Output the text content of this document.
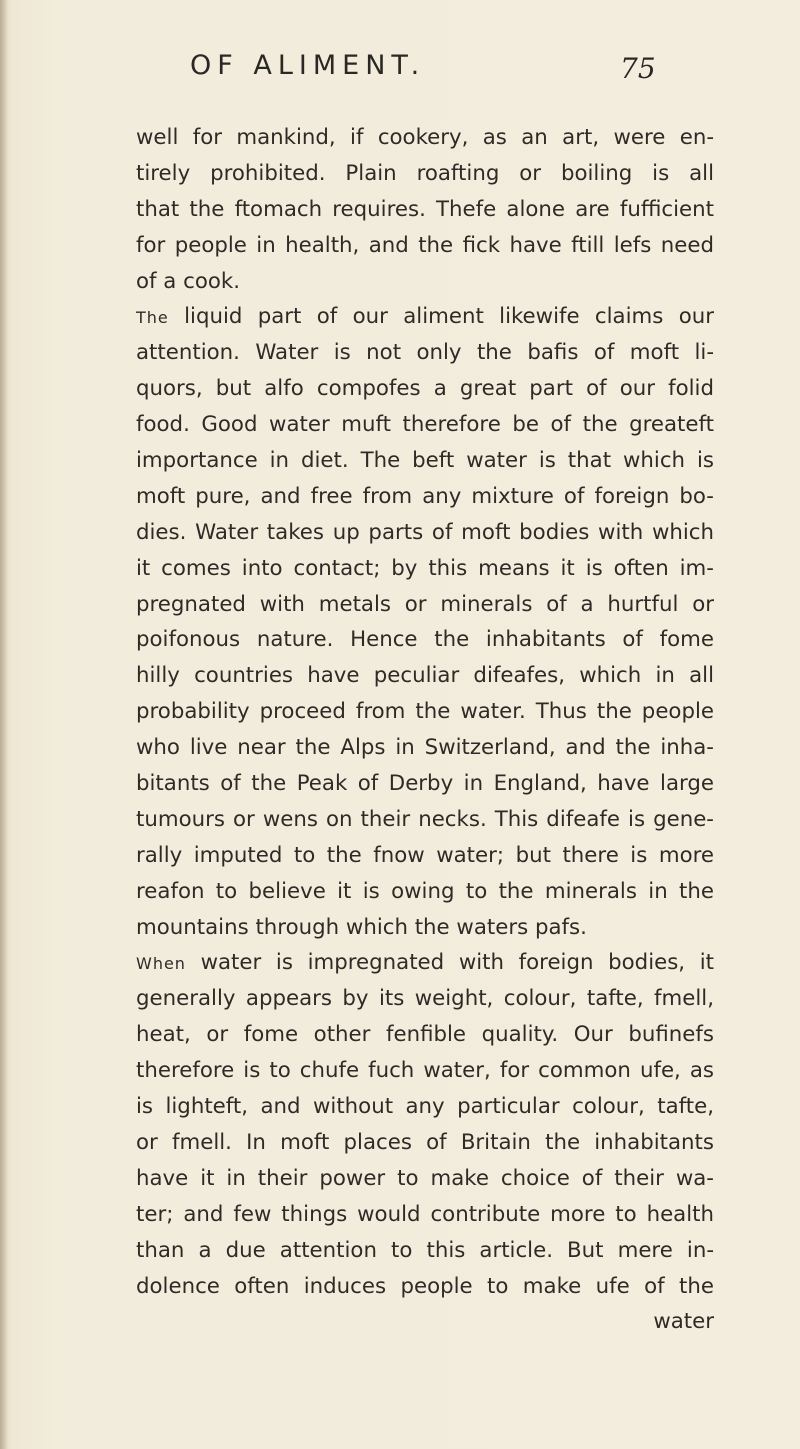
OF ALIMENT.	75
well for mankind, if cookery, as an art, were en-
tirely prohibited. Plain roafting or boiling is all
that the ftomach requires. Thefe alone are fufficient
for people in health, and the fick have ftill lefs need
of a cook.
The liquid part of our aliment likewife claims our
attention. Water is not only the bafis of moft li-
quors, but alfo compofes a great part of our folid
food. Good water muft therefore be of the greateft
importance in diet. The beft water is that which is
moft pure, and free from any mixture of foreign bo-
dies. Water takes up parts of moft bodies with which
it comes into contact; by this means it is often im-
pregnated with metals or minerals of a hurtful or
poifonous nature. Hence the inhabitants of fome
hilly countries have peculiar difeafes, which in all
probability proceed from the water. Thus the people
who live near the Alps in Switzerland, and the inha-
bitants of the Peak of Derby in England, have large
tumours or wens on their necks. This difeafe is gene-
rally imputed to the fnow water; but there is more
reafon to believe it is owing to the minerals in the
mountains through which the waters pafs.
When water is impregnated with foreign bodies, it
generally appears by its weight, colour, tafte, fmell,
heat, or fome other fenfible quality. Our bufinefs
therefore is to chufe fuch water, for common ufe, as
is lighteft, and without any particular colour, tafte,
or fmell. In moft places of Britain the inhabitants
have it in their power to make choice of their wa-
ter; and few things would contribute more to health
than a due attention to this article. But mere in-
dolence often induces people to make ufe of the
water
